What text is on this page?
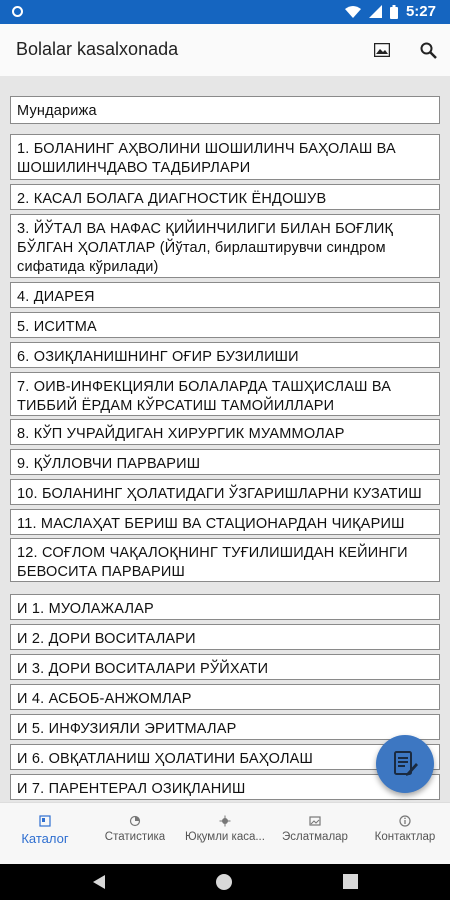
5:27
Bolalar kasalxonada
Мундарижа
1. БОЛАНИНГ АҲВОЛИНИ ШОШИЛИНЧ БАҲОЛАШ ВА ШОШИЛИНЧДАВО ТАДБИРЛАРИ
2. КАСАЛ БОЛАГА ДИАГНОСТИК ЁНДОШУВ
3. ЙЎТАЛ ВА НАФАС ҚИЙИНЧИЛИГИ БИЛАН БОҒЛИҚ БЎЛГАН ҲОЛАТЛАР (Йўтал, бирлаштирувчи синдром сифатида кўрилади)
4. ДИАРЕЯ
5. ИСИТМА
6. ОЗИҚЛАНИШНИНГ ОҒИР БУЗИЛИШИ
7. ОИВ-ИНФЕКЦИЯЛИ БОЛАЛАРДА ТАШҲИСЛАШ ВА ТИББИЙ ЁРДАМ КЎРСАТИШ ТАМОЙИЛЛАРИ
8. КЎП УЧРАЙДИГАН ХИРУРГИК МУАММОЛАР
9. ҚЎЛЛОВЧИ ПАРВАРИШ
10. БОЛАНИНГ ҲОЛАТИДАГИ ЎЗГАРИШЛАРНИ КУЗАТИШ
11. МАСЛАҲАТ БЕРИШ ВА СТАЦИОНАРДАН ЧИҚАРИШ
12. СОҒЛОМ ЧАҚАЛОҚНИНГ ТУҒИЛИШИДАН КЕЙИНГИ БЕВОСИТА ПАРВАРИШ
И 1. МУОЛАЖАЛАР
И 2. ДОРИ ВОСИТАЛАРИ
И 3. ДОРИ ВОСИТАЛАРИ РЎЙХАТИ
И 4. АСБОБ-АНЖОМЛАР
И 5. ИНФУЗИЯЛИ ЭРИТМАЛАР
И 6. ОВҚАТЛАНИШ ҲОЛАТИНИ БАҲОЛАШ
И 7. ПАРЕНТЕРАЛ ОЗИҚЛАНИШ
Каталог	Статистика Юқумли каса... Эслатмалар Контактлар
